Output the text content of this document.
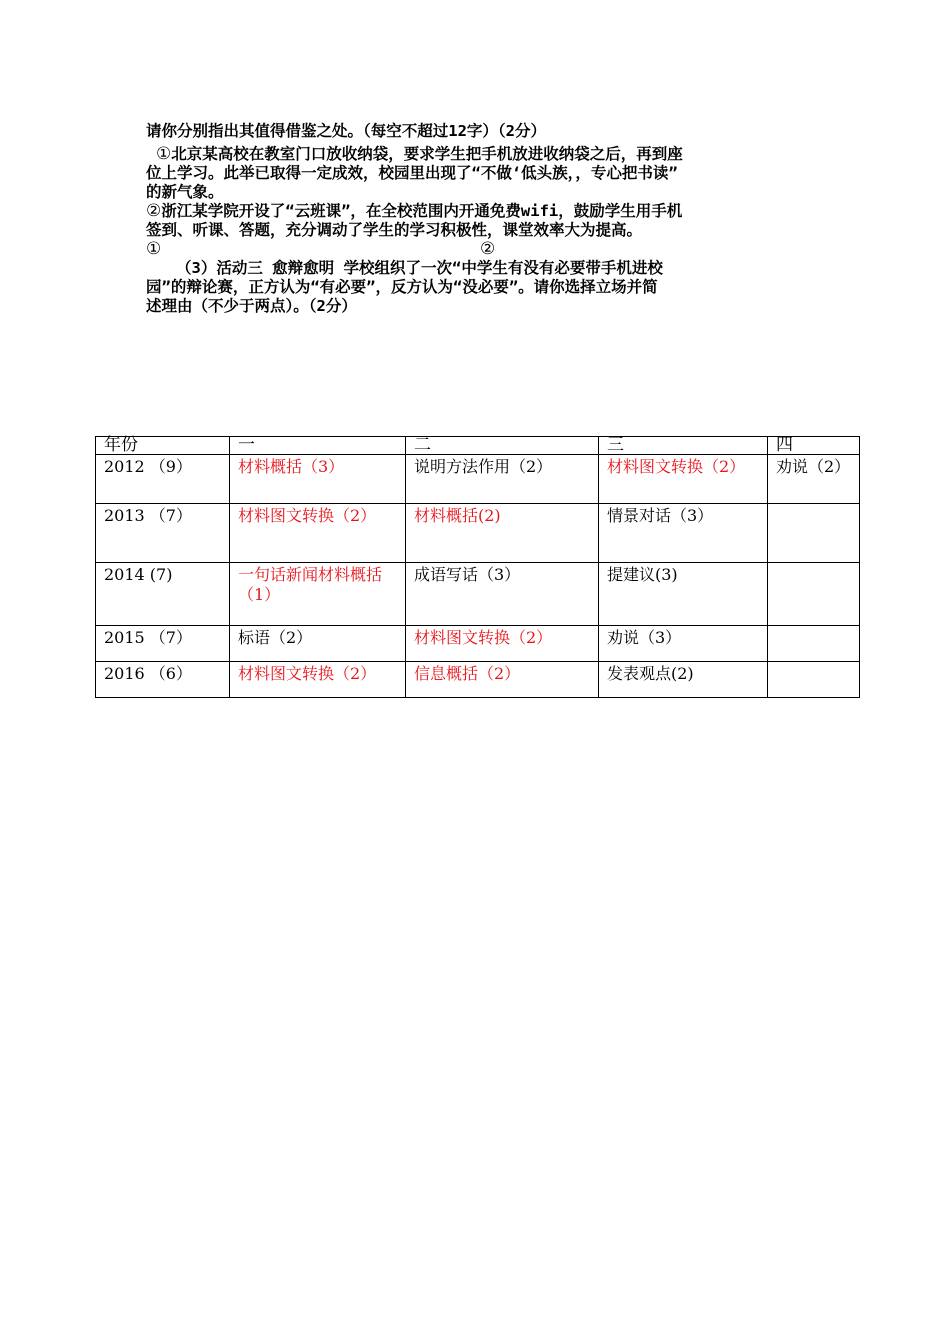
请你分别指出其值得借鉴之处。（每空不超过12字）（2分）
①北京某高校在教室门口放收纳袋，要求学生把手机放进收纳袋之后，再到座
位上学习。此举已取得一定成效，校园里出现了“不做‘低头族，，专心把书读”
的新气象。
②浙江某学院开设了“云班课”，在全校范围内开通免费wifi，鼓励学生用手机
签到、听课、答题，充分调动了学生的学习积极性，课堂效率大为提高。
①	②
（3）活动三 愈辩愈明 学校组织了一次“中学生有没有必要带手机进校
园”的辩论赛，正方认为“有必要”，反方认为“没必要”。请你选择立场并简
述理由（不少于两点）。（2分）
年份	一	二	三	四
2012 （9）	材料概括（3）	说明方法作用（2）	材料图文转换（2）	劝说（2）
2013 （7）	材料图文转换（2）	材料概括(2)	情景对话（3）	
2014 (7)	一句话新闻材料概括（1）	成语写话（3）	提建议(3)	
2015 （7）	标语（2）	材料图文转换（2）	劝说（3）	
2016 （6）	材料图文转换（2）	信息概括（2）	发表观点(2)	
